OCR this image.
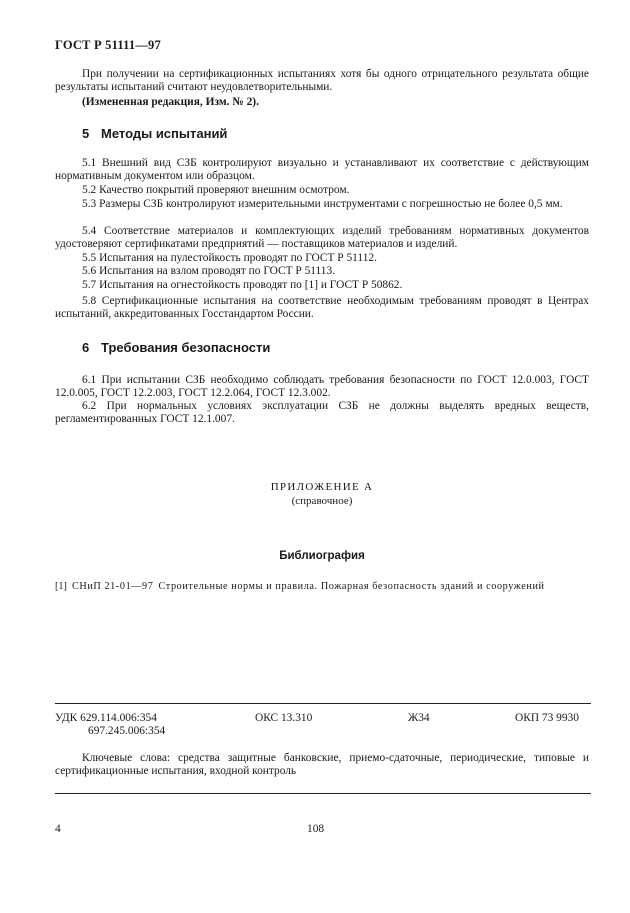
ГОСТ Р 51111—97

При получении на сертификационных испытаниях хотя бы одного отрицательного результата общие результаты испытаний считают неудовлетворительными.

(Измененная редакция, Изм. № 2).

5 Методы испытаний

5.1 Внешний вид СЗБ контролируют визуально и устанавливают их соответствие с действующим нормативным документом или образцом.

5.2 Качество покрытий проверяют внешним осмотром.

5.3 Размеры СЗБ контролируют измерительными инструментами с погрешностью не более 0,5 мм.

5.4 Соответствие материалов и комплектующих изделий требованиям нормативных документов удостоверяют сертификатами предприятий — поставщиков материалов и изделий.

5.5 Испытания на пулестойкость проводят по ГОСТ Р 51112.

5.6 Испытания на взлом проводят по ГОСТ Р 51113.

5.7 Испытания на огнестойкость проводят по [1] и ГОСТ Р 50862.

5.8 Сертификационные испытания на соответствие необходимым требованиям проводят в Центрах испытаний, аккредитованных Госстандартом России.

6 Требования безопасности

6.1 При испытании СЗБ необходимо соблюдать требования безопасности по ГОСТ 12.0.003, ГОСТ 12.0.005, ГОСТ 12.2.003, ГОСТ 12.2.064, ГОСТ 12.3.002.

6.2 При нормальных условиях эксплуатации СЗБ не должны выделять вредных веществ, регламентированных ГОСТ 12.1.007.

ПРИЛОЖЕНИЕ А
(справочное)
Библиография
[1] СНиП 21-01—97 Строительные нормы и правила. Пожарная безопасность зданий и сооружений
УДК 629.114.006:354
697.245.006:354
ОКС 13.310	Ж34	ОКП 73 9930

Ключевые слова: средства защитные банковские, приемо-сдаточные, периодические, типовые и сертификационные испытания, входной контроль

4	108
